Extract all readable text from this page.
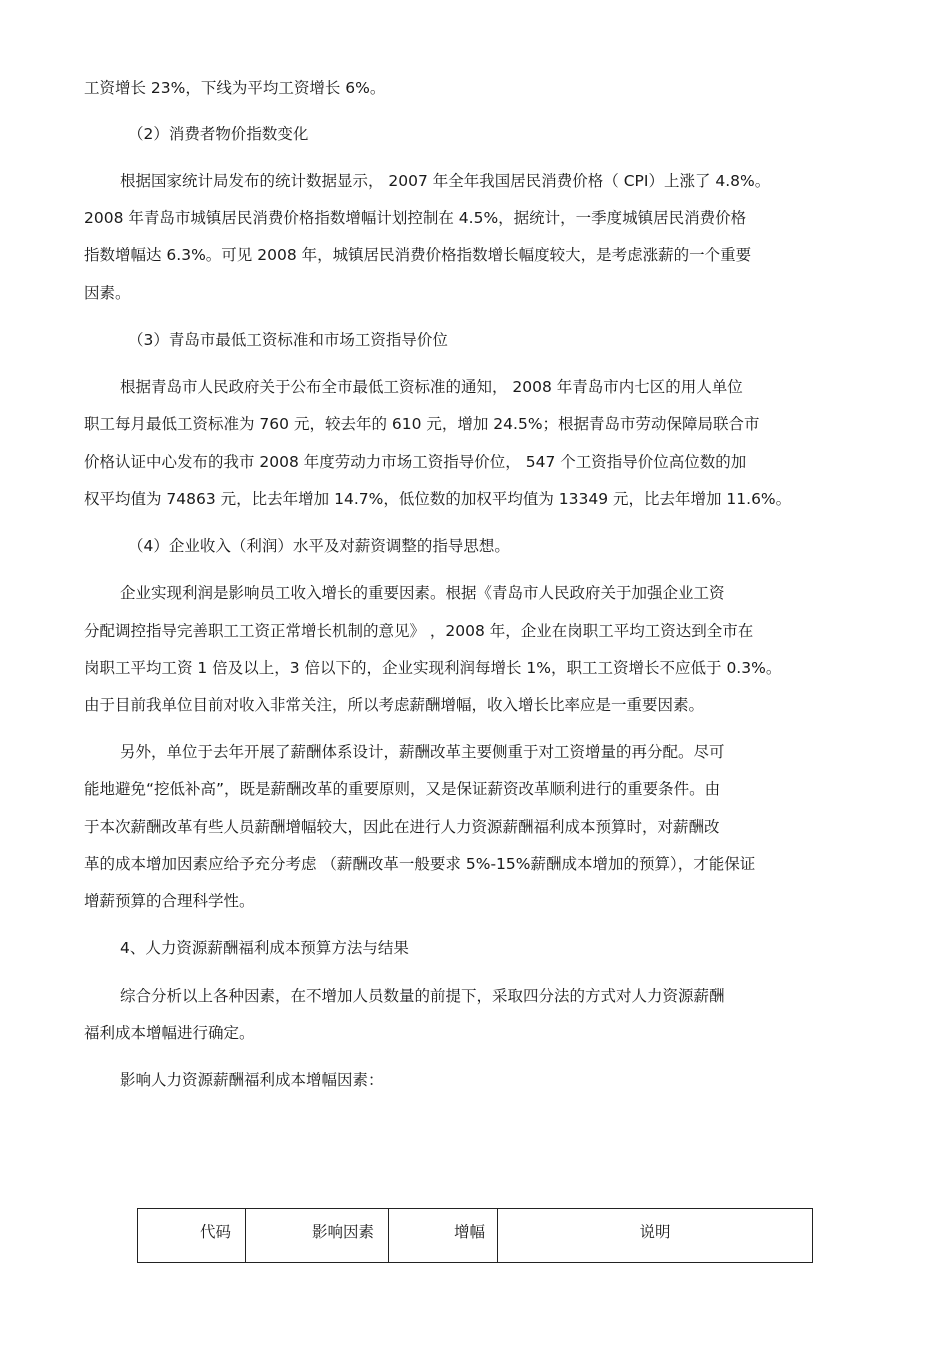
工资增长 23%，下线为平均工资增长 6%。
（2）消费者物价指数变化
根据国家统计局发布的统计数据显示， 2007 年全年我国居民消费价格（ CPI）上涨了 4.8%。
2008 年青岛市城镇居民消费价格指数增幅计划控制在 4.5%，据统计，一季度城镇居民消费价格
指数增幅达 6.3%。可见 2008 年，城镇居民消费价格指数增长幅度较大，是考虑涨薪的一个重要
因素。
（3）青岛市最低工资标准和市场工资指导价位
根据青岛市人民政府关于公布全市最低工资标准的通知， 2008 年青岛市内七区的用人单位
职工每月最低工资标准为 760 元，较去年的 610 元，增加 24.5%；根据青岛市劳动保障局联合市
价格认证中心发布的我市 2008 年度劳动力市场工资指导价位， 547 个工资指导价位高位数的加
权平均值为 74863 元，比去年增加 14.7%，低位数的加权平均值为 13349 元，比去年增加 11.6%。
（4）企业收入（利润）水平及对薪资调整的指导思想。
企业实现利润是影响员工收入增长的重要因素。根据《青岛市人民政府关于加强企业工资
分配调控指导完善职工工资正常增长机制的意见》 ，2008 年，企业在岗职工平均工资达到全市在
岗职工平均工资 1 倍及以上，3 倍以下的，企业实现利润每增长 1%，职工工资增长不应低于 0.3%。
由于目前我单位目前对收入非常关注，所以考虑薪酬增幅，收入增长比率应是一重要因素。
另外，单位于去年开展了薪酬体系设计，薪酬改革主要侧重于对工资增量的再分配。尽可
能地避免“挖低补高”，既是薪酬改革的重要原则，又是保证薪资改革顺利进行的重要条件。由
于本次薪酬改革有些人员薪酬增幅较大，因此在进行人力资源薪酬福利成本预算时，对薪酬改
革的成本增加因素应给予充分考虑 （薪酬改革一般要求 5%-15%薪酬成本增加的预算），才能保证
增薪预算的合理科学性。
4、人力资源薪酬福利成本预算方法与结果
综合分析以上各种因素，在不增加人员数量的前提下，采取四分法的方式对人力资源薪酬
福利成本增幅进行确定。
影响人力资源薪酬福利成本增幅因素：
代码	影响因素	增幅	说明
